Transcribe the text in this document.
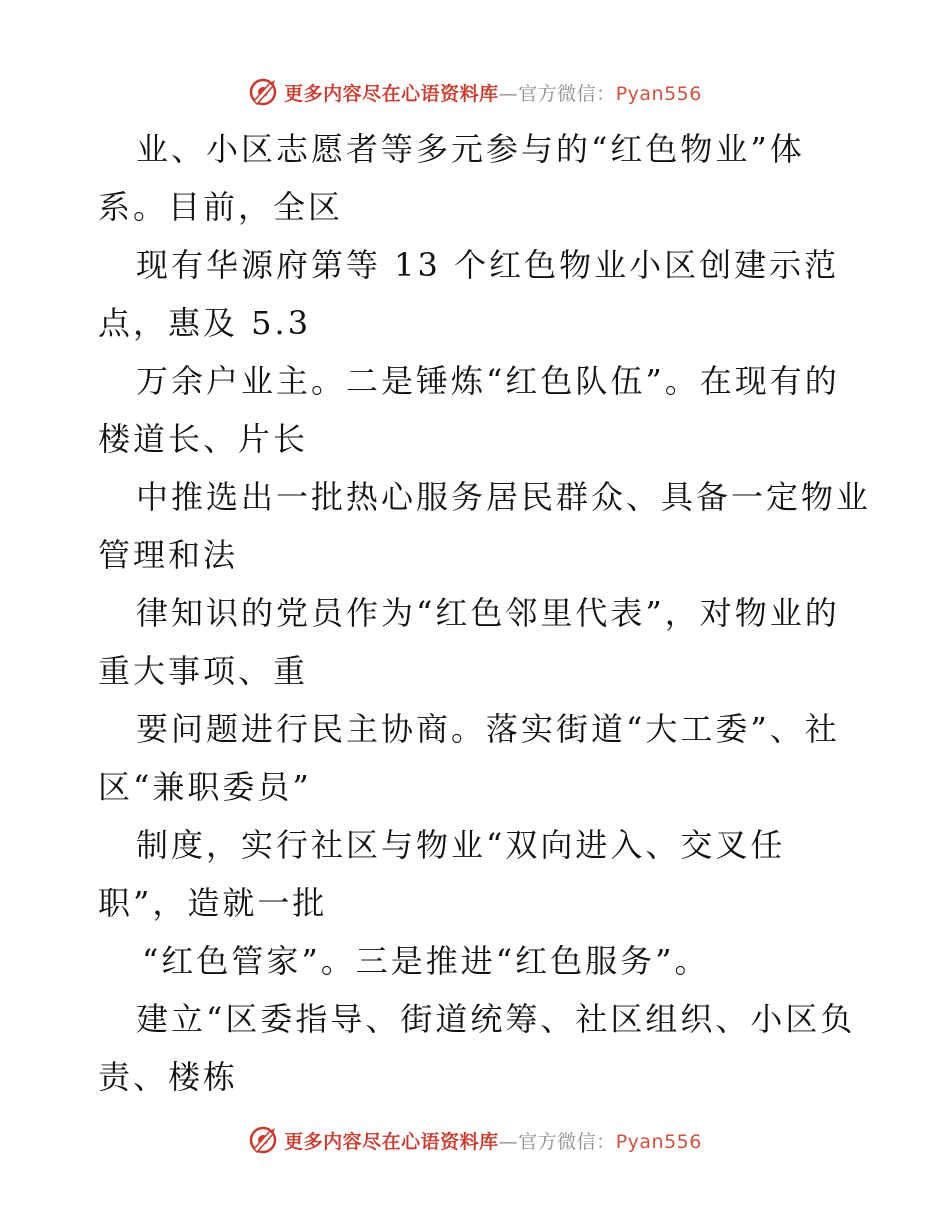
更多内容尽在心语资料库—官方微信：Pyan556
业、小区志愿者等多元参与的“红色物业”体
系。目前，全区
现有华源府第等 13 个红色物业小区创建示范
点，惠及 5.3
万余户业主。二是锤炼“红色队伍”。在现有的
楼道长、片长
中推选出一批热心服务居民群众、具备一定物业
管理和法
律知识的党员作为“红色邻里代表”，对物业的
重大事项、重
要问题进行民主协商。落实街道“大工委”、社
区“兼职委员”
制度，实行社区与物业“双向进入、交叉任
职”，造就一批
“红色管家”。三是推进“红色服务”。
建立“区委指导、街道统筹、社区组织、小区负
责、楼栋
更多内容尽在心语资料库—官方微信：Pyan556
